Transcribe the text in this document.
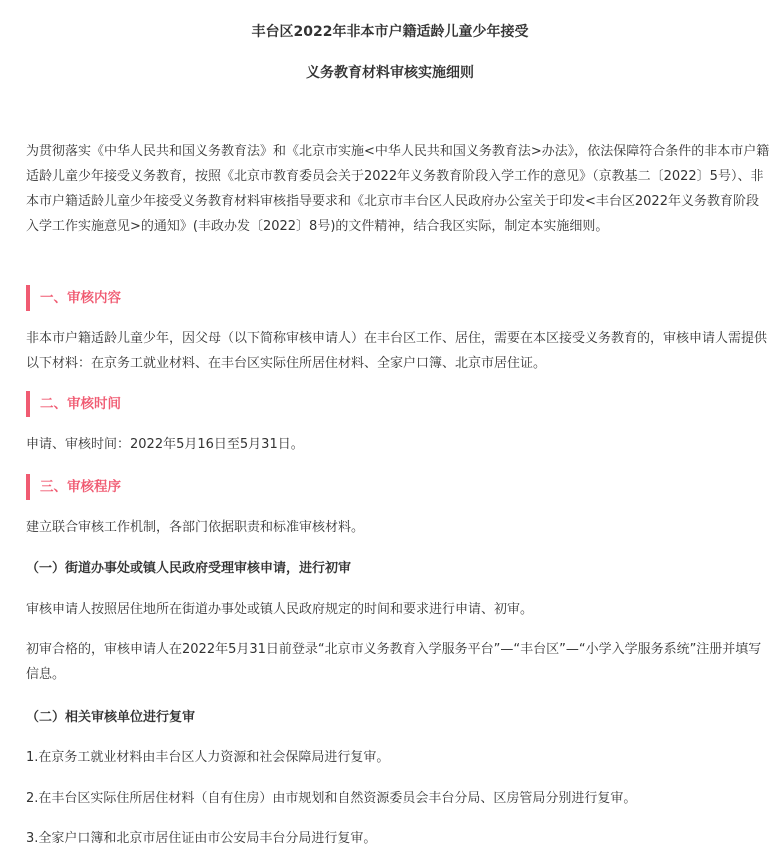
丰台区2022年非本市户籍适龄儿童少年接受
义务教育材料审核实施细则

为贯彻落实《中华人民共和国义务教育法》和《北京市实施<中华人民共和国义务教育法>办法》，依法保障符合条件的非本市户籍适龄儿童少年接受义务教育，按照《北京市教育委员会关于2022年义务教育阶段入学工作的意见》（京教基二〔2022〕5号）、非本市户籍适龄儿童少年接受义务教育材料审核指导要求和《北京市丰台区人民政府办公室关于印发<丰台区2022年义务教育阶段入学工作实施意见>的通知》(丰政办发〔2022〕8号)的文件精神，结合我区实际，制定本实施细则。

一、审核内容

非本市户籍适龄儿童少年，因父母（以下简称审核申请人）在丰台区工作、居住，需要在本区接受义务教育的，审核申请人需提供以下材料：在京务工就业材料、在丰台区实际住所居住材料、全家户口簿、北京市居住证。

二、审核时间

申请、审核时间：2022年5月16日至5月31日。

三、审核程序

建立联合审核工作机制，各部门依据职责和标准审核材料。

（一）街道办事处或镇人民政府受理审核申请，进行初审

审核申请人按照居住地所在街道办事处或镇人民政府规定的时间和要求进行申请、初审。

初审合格的，审核申请人在2022年5月31日前登录“北京市义务教育入学服务平台”—“丰台区”—“小学入学服务系统”注册并填写信息。

（二）相关审核单位进行复审

1.在京务工就业材料由丰台区人力资源和社会保障局进行复审。

2.在丰台区实际住所居住材料（自有住房）由市规划和自然资源委员会丰台分局、区房管局分别进行复审。

3.全家户口簿和北京市居住证由市公安局丰台分局进行复审。
